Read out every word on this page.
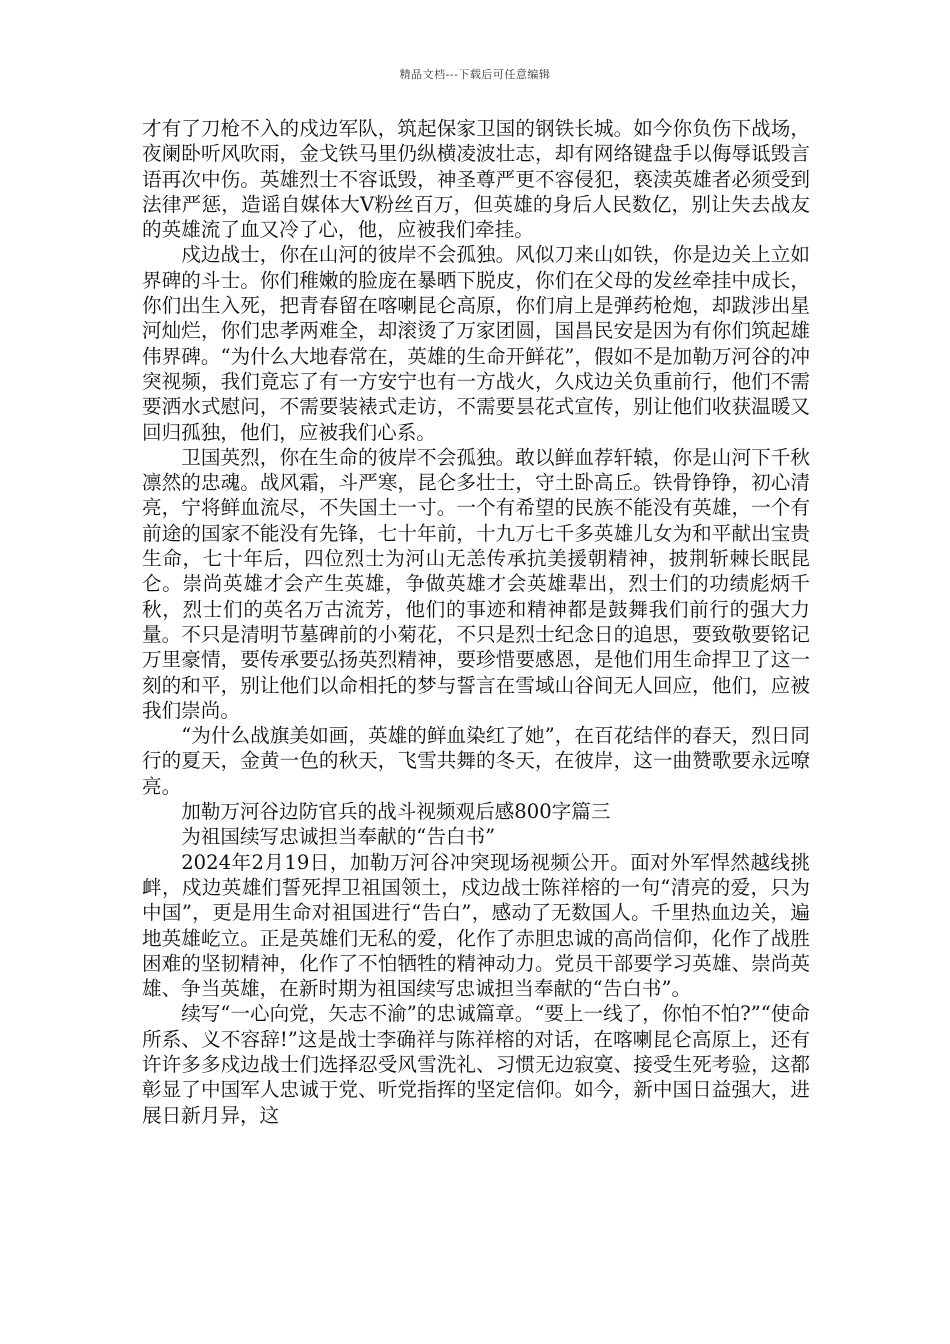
精品文档---下载后可任意编辑

才有了刀枪不入的戍边军队，筑起保家卫国的钢铁长城。如今你负伤下战场，夜阑卧听风吹雨，金戈铁马里仍纵横凌波壮志，却有网络键盘手以侮辱诋毁言语再次中伤。英雄烈士不容诋毁，神圣尊严更不容侵犯，亵渎英雄者必须受到法律严惩，造谣自媒体大V粉丝百万，但英雄的身后人民数亿，别让失去战友的英雄流了血又冷了心，他，应被我们牵挂。

戍边战士，你在山河的彼岸不会孤独。风似刀来山如铁，你是边关上立如界碑的斗士。你们稚嫩的脸庞在暴晒下脱皮，你们在父母的发丝牵挂中成长，你们出生入死，把青春留在喀喇昆仑高原，你们肩上是弹药枪炮，却跋涉出星河灿烂，你们忠孝两难全，却滚烫了万家团圆，国昌民安是因为有你们筑起雄伟界碑。“为什么大地春常在，英雄的生命开鲜花”，假如不是加勒万河谷的冲突视频，我们竟忘了有一方安宁也有一方战火，久戍边关负重前行，他们不需要洒水式慰问，不需要装裱式走访，不需要昙花式宣传，别让他们收获温暖又回归孤独，他们，应被我们心系。

卫国英烈，你在生命的彼岸不会孤独。敢以鲜血荐轩辕，你是山河下千秋凛然的忠魂。战风霜，斗严寒，昆仑多壮士，守土卧高丘。铁骨铮铮，初心清亮，宁将鲜血流尽，不失国土一寸。一个有希望的民族不能没有英雄，一个有前途的国家不能没有先锋，七十年前，十九万七千多英雄儿女为和平献出宝贵生命，七十年后，四位烈士为河山无恙传承抗美援朝精神，披荆斩棘长眠昆仑。崇尚英雄才会产生英雄，争做英雄才会英雄辈出，烈士们的功绩彪炳千秋，烈士们的英名万古流芳，他们的事迹和精神都是鼓舞我们前行的强大力量。不只是清明节墓碑前的小菊花，不只是烈士纪念日的追思，要致敬要铭记万里豪情，要传承要弘扬英烈精神，要珍惜要感恩，是他们用生命捍卫了这一刻的和平，别让他们以命相托的梦与誓言在雪域山谷间无人回应，他们，应被我们崇尚。

“为什么战旗美如画，英雄的鲜血染红了她”，在百花结伴的春天，烈日同行的夏天，金黄一色的秋天，飞雪共舞的冬天，在彼岸，这一曲赞歌要永远嘹亮。

加勒万河谷边防官兵的战斗视频观后感800字篇三

为祖国续写忠诚担当奉献的“告白书”

2024年2月19日，加勒万河谷冲突现场视频公开。面对外军悍然越线挑衅，戍边英雄们誓死捍卫祖国领土，戍边战士陈祥榕的一句“清亮的爱，只为中国”，更是用生命对祖国进行“告白”，感动了无数国人。千里热血边关，遍地英雄屹立。正是英雄们无私的爱，化作了赤胆忠诚的高尚信仰，化作了战胜困难的坚韧精神，化作了不怕牺牲的精神动力。党员干部要学习英雄、崇尚英雄、争当英雄，在新时期为祖国续写忠诚担当奉献的“告白书”。

续写“一心向党，矢志不渝”的忠诚篇章。“要上一线了，你怕不怕?”“使命所系、义不容辞!”这是战士李确祥与陈祥榕的对话，在喀喇昆仑高原上，还有许许多多戍边战士们选择忍受风雪洗礼、习惯无边寂寞、接受生死考验，这都彰显了中国军人忠诚于党、听党指挥的坚定信仰。如今，新中国日益强大，进展日新月异，这
